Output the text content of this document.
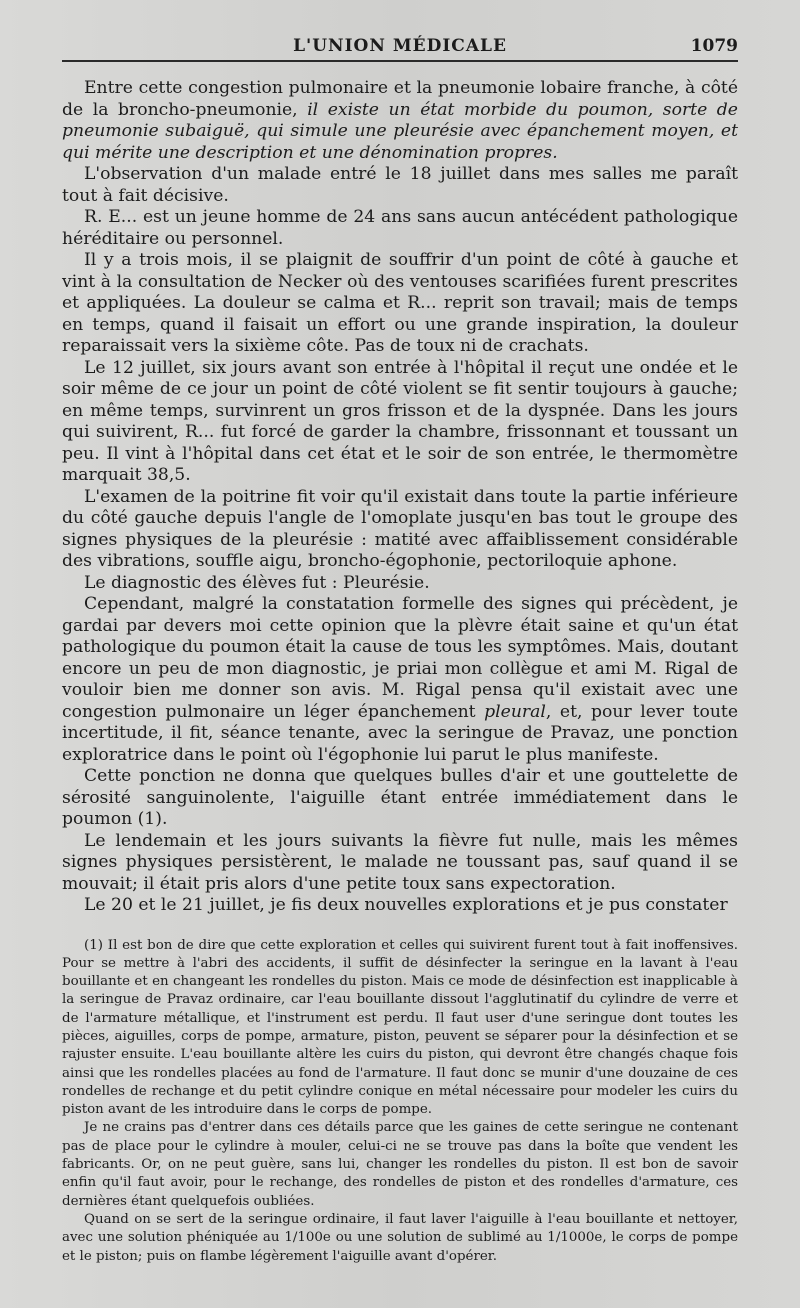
L'UNION MÉDICALE	1079

Entre cette congestion pulmonaire et la pneumonie lobaire franche, à côté de la broncho-pneumonie, il existe un état morbide du poumon, sorte de pneumonie subaiguë, qui simule une pleurésie avec épanchement moyen, et qui mérite une description et une dénomination propres.

L'observation d'un malade entré le 18 juillet dans mes salles me paraît tout à fait décisive.

R. E... est un jeune homme de 24 ans sans aucun antécédent pathologique héréditaire ou personnel.

Il y a trois mois, il se plaignit de souffrir d'un point de côté à gauche et vint à la consultation de Necker où des ventouses scarifiées furent prescrites et appliquées. La douleur se calma et R... reprit son travail; mais de temps en temps, quand il faisait un effort ou une grande inspiration, la douleur reparaissait vers la sixième côte. Pas de toux ni de crachats.

Le 12 juillet, six jours avant son entrée à l'hôpital il reçut une ondée et le soir même de ce jour un point de côté violent se fit sentir toujours à gauche; en même temps, survinrent un gros frisson et de la dyspnée. Dans les jours qui suivirent, R... fut forcé de garder la chambre, frissonnant et toussant un peu. Il vint à l'hôpital dans cet état et le soir de son entrée, le thermomètre marquait 38,5.

L'examen de la poitrine fit voir qu'il existait dans toute la partie inférieure du côté gauche depuis l'angle de l'omoplate jusqu'en bas tout le groupe des signes physiques de la pleurésie : matité avec affaiblissement considérable des vibrations, souffle aigu, broncho-égophonie, pectoriloquie aphone.

Le diagnostic des élèves fut : Pleurésie.

Cependant, malgré la constatation formelle des signes qui précèdent, je gardai par devers moi cette opinion que la plèvre était saine et qu'un état pathologique du poumon était la cause de tous les symptômes. Mais, doutant encore un peu de mon diagnostic, je priai mon collègue et ami M. Rigal de vouloir bien me donner son avis. M. Rigal pensa qu'il existait avec une congestion pulmonaire un léger épanchement pleural, et, pour lever toute incertitude, il fit, séance tenante, avec la seringue de Pravaz, une ponction exploratrice dans le point où l'égophonie lui parut le plus manifeste.

Cette ponction ne donna que quelques bulles d'air et une gouttelette de sérosité sanguinolente, l'aiguille étant entrée immédiatement dans le poumon (1).

Le lendemain et les jours suivants la fièvre fut nulle, mais les mêmes signes physiques persistèrent, le malade ne toussant pas, sauf quand il se mouvait; il était pris alors d'une petite toux sans expectoration.

Le 20 et le 21 juillet, je fis deux nouvelles explorations et je pus constater

(1) Il est bon de dire que cette exploration et celles qui suivirent furent tout à fait inoffensives. Pour se mettre à l'abri des accidents, il suffit de désinfecter la seringue en la lavant à l'eau bouillante et en changeant les rondelles du piston. Mais ce mode de désinfection est inapplicable à la seringue de Pravaz ordinaire, car l'eau bouillante dissout l'agglutinatif du cylindre de verre et de l'armature métallique, et l'instrument est perdu. Il faut user d'une seringue dont toutes les pièces, aiguilles, corps de pompe, armature, piston, peuvent se séparer pour la désinfection et se rajuster ensuite. L'eau bouillante altère les cuirs du piston, qui devront être changés chaque fois ainsi que les rondelles placées au fond de l'armature. Il faut donc se munir d'une douzaine de ces rondelles de rechange et du petit cylindre conique en métal nécessaire pour modeler les cuirs du piston avant de les introduire dans le corps de pompe.

Je ne crains pas d'entrer dans ces détails parce que les gaines de cette seringue ne contenant pas de place pour le cylindre à mouler, celui-ci ne se trouve pas dans la boîte que vendent les fabricants. Or, on ne peut guère, sans lui, changer les rondelles du piston. Il est bon de savoir enfin qu'il faut avoir, pour le rechange, des rondelles de piston et des rondelles d'armature, ces dernières étant quelquefois oubliées.

Quand on se sert de la seringue ordinaire, il faut laver l'aiguille à l'eau bouillante et nettoyer, avec une solution phéniquée au 1/100e ou une solution de sublimé au 1/1000e, le corps de pompe et le piston; puis on flambe légèrement l'aiguille avant d'opérer.
